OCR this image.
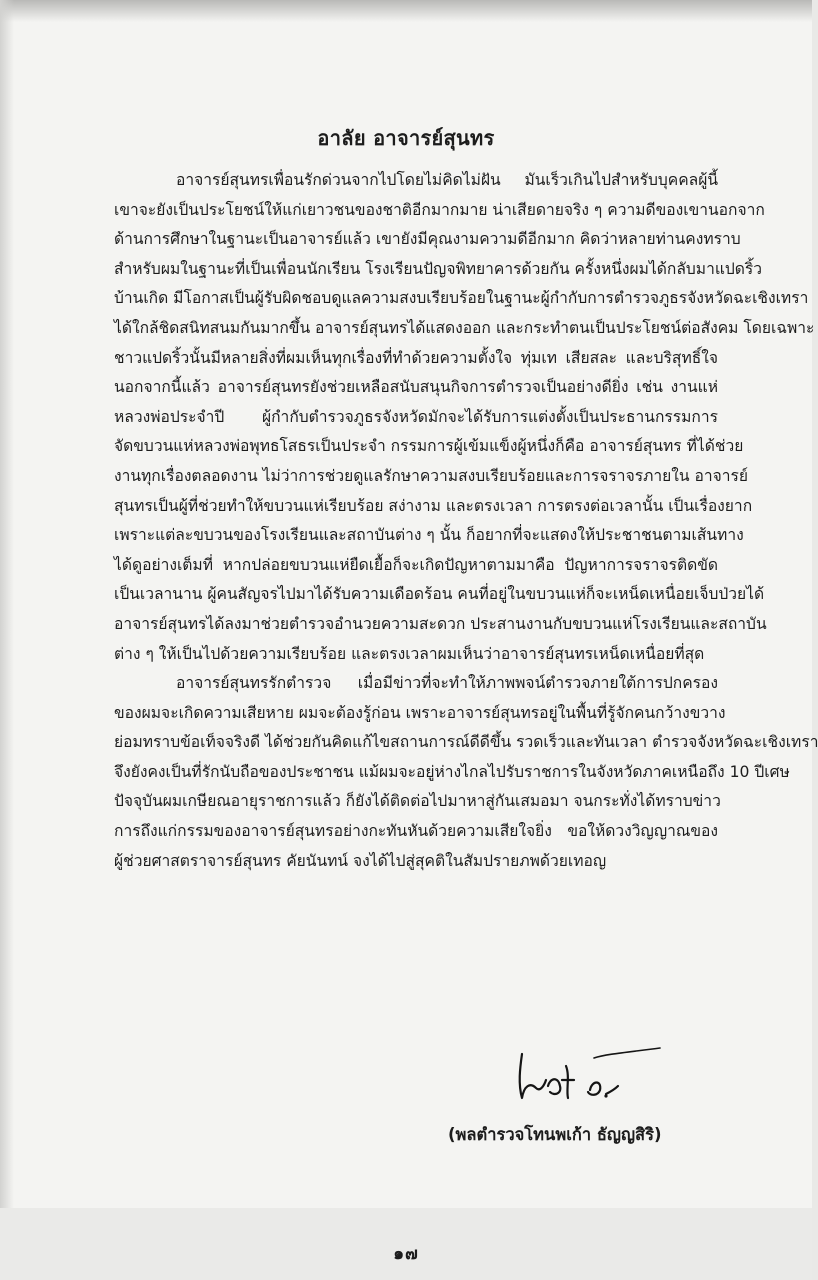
อาลัย อาจารย์สุนทร
อาจารย์สุนทรเพื่อนรักด่วนจากไปโดยไม่คิดไม่ฝัน มันเร็วเกินไปสำหรับบุคคลผู้นี้
เขาจะยังเป็นประโยชน์ให้แก่เยาวชนของชาติอีกมากมาย น่าเสียดายจริง ๆ ความดีของเขานอกจาก
ด้านการศึกษาในฐานะเป็นอาจารย์แล้ว เขายังมีคุณงามความดีอีกมาก คิดว่าหลายท่านคงทราบ
สำหรับผมในฐานะที่เป็นเพื่อนนักเรียน โรงเรียนปัญจพิทยาคารด้วยกัน ครั้งหนึ่งผมได้กลับมาแปดริ้ว
บ้านเกิด มีโอกาสเป็นผู้รับผิดชอบดูแลความสงบเรียบร้อยในฐานะผู้กำกับการตำรวจภูธรจังหวัดฉะเชิงเทรา
ได้ใกล้ชิดสนิทสนมกันมากขึ้น อาจารย์สุนทรได้แสดงออก และกระทำตนเป็นประโยชน์ต่อสังคม โดยเฉพาะ
ชาวแปดริ้วนั้นมีหลายสิ่งที่ผมเห็นทุกเรื่องที่ทำด้วยความตั้งใจ ทุ่มเท เสียสละ และบริสุทธิ์ใจ
นอกจากนี้แล้ว อาจารย์สุนทรยังช่วยเหลือสนับสนุนกิจการตำรวจเป็นอย่างดียิ่ง เช่น งานแห่
หลวงพ่อประจำปี ผู้กำกับตำรวจภูธรจังหวัดมักจะได้รับการแต่งตั้งเป็นประธานกรรมการ
จัดขบวนแห่หลวงพ่อพุทธโสธรเป็นประจำ กรรมการผู้เข้มแข็งผู้หนึ่งก็คือ อาจารย์สุนทร ที่ได้ช่วย
งานทุกเรื่องตลอดงาน ไม่ว่าการช่วยดูแลรักษาความสงบเรียบร้อยและการจราจรภายใน อาจารย์
สุนทรเป็นผู้ที่ช่วยทำให้ขบวนแห่เรียบร้อย สง่างาม และตรงเวลา การตรงต่อเวลานั้น เป็นเรื่องยาก
เพราะแต่ละขบวนของโรงเรียนและสถาบันต่าง ๆ นั้น ก็อยากที่จะแสดงให้ประชาชนตามเส้นทาง
ได้ดูอย่างเต็มที่ หากปล่อยขบวนแห่ยืดเยื้อก็จะเกิดปัญหาตามมาคือ ปัญหาการจราจรติดขัด
เป็นเวลานาน ผู้คนสัญจรไปมาได้รับความเดือดร้อน คนที่อยู่ในขบวนแห่ก็จะเหน็ดเหนื่อยเจ็บป่วยได้
อาจารย์สุนทรได้ลงมาช่วยตำรวจอำนวยความสะดวก ประสานงานกับขบวนแห่โรงเรียนและสถาบัน
ต่าง ๆ ให้เป็นไปด้วยความเรียบร้อย และตรงเวลาผมเห็นว่าอาจารย์สุนทรเหน็ดเหนื่อยที่สุด
อาจารย์สุนทรรักตำรวจ เมื่อมีข่าวที่จะทำให้ภาพพจน์ตำรวจภายใต้การปกครอง
ของผมจะเกิดความเสียหาย ผมจะต้องรู้ก่อน เพราะอาจารย์สุนทรอยู่ในพื้นที่รู้จักคนกว้างขวาง
ย่อมทราบข้อเท็จจริงดี ได้ช่วยกันคิดแก้ไขสถานการณ์ดีดีขึ้น รวดเร็วและทันเวลา ตำรวจจังหวัดฉะเชิงเทรา
จึงยังคงเป็นที่รักนับถือของประชาชน แม้ผมจะอยู่ห่างไกลไปรับราชการในจังหวัดภาคเหนือถึง 10 ปีเศษ
ปัจจุบันผมเกษียณอายุราชการแล้ว ก็ยังได้ติดต่อไปมาหาสู่กันเสมอมา จนกระทั่งได้ทราบข่าว
การถึงแก่กรรมของอาจารย์สุนทรอย่างกะทันหันด้วยความเสียใจยิ่ง ขอให้ดวงวิญญาณของ
ผู้ช่วยศาสตราจารย์สุนทร คัยนันทน์ จงได้ไปสู่สุคติในสัมปรายภพด้วยเทอญ
(พลตำรวจโทนพเก้า ธัญญสิริ)
๑๗
